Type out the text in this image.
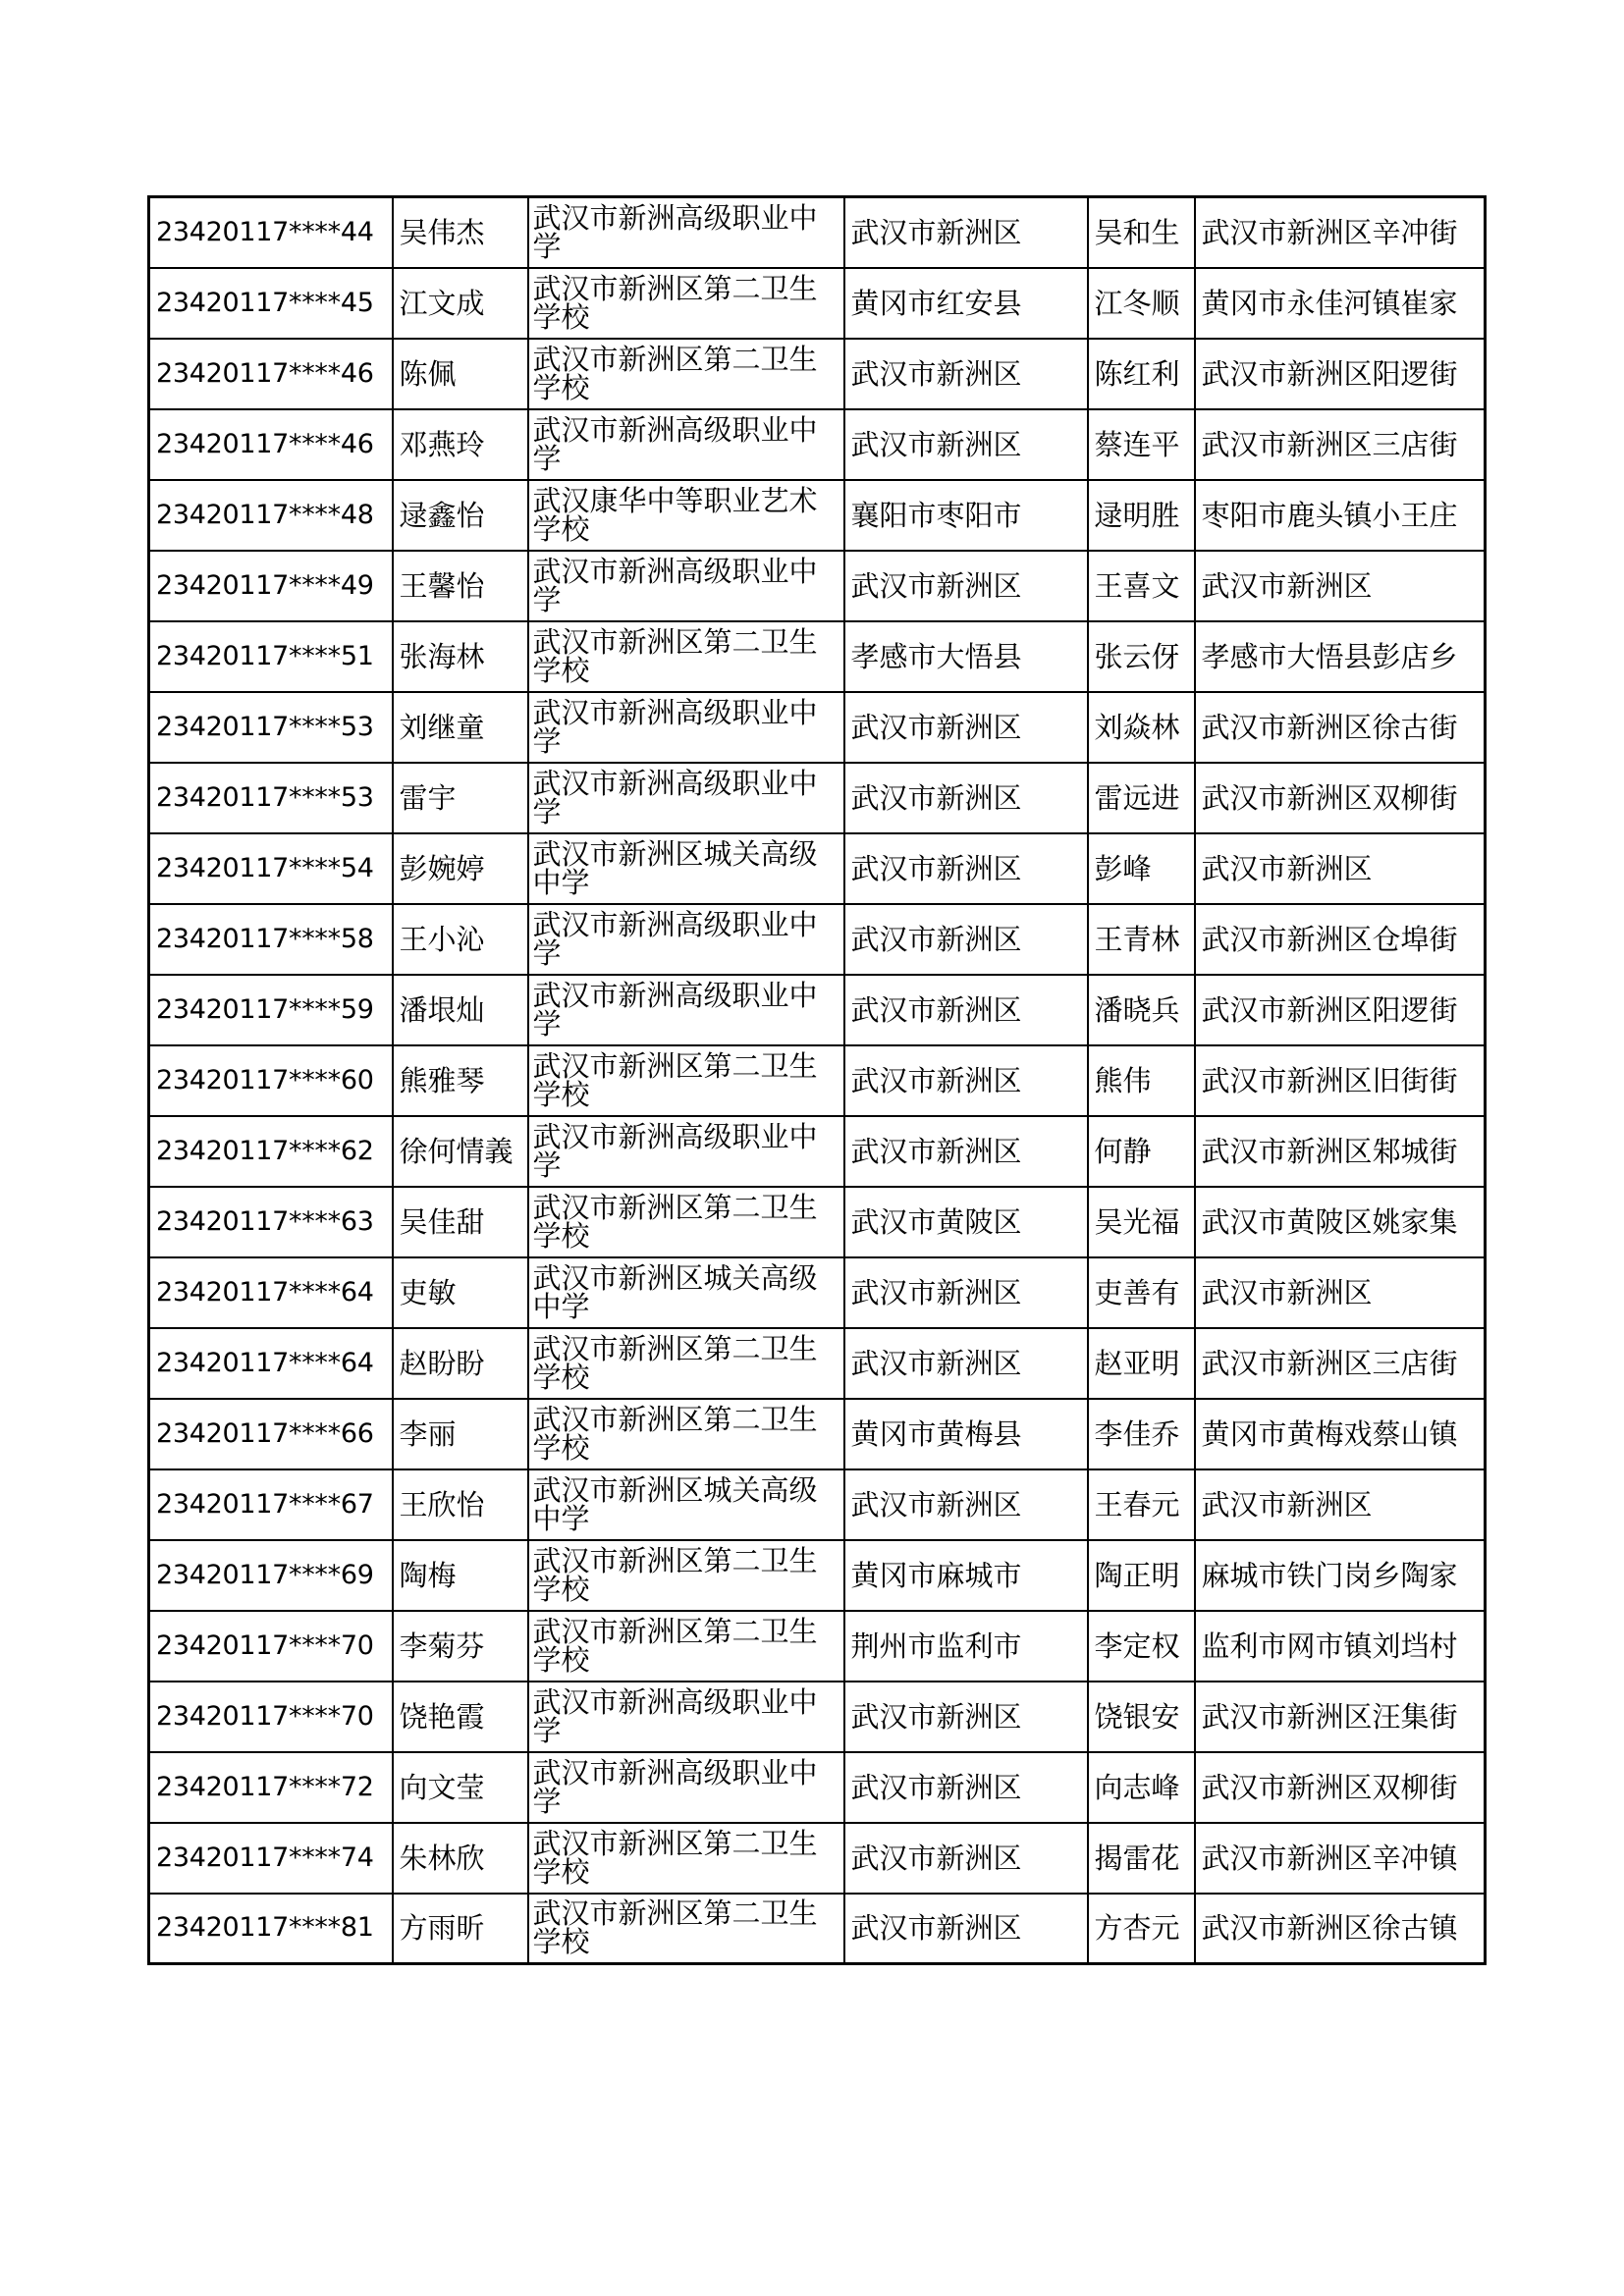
23420117****44	吴伟杰	武汉市新洲高级职业中学	武汉市新洲区	吴和生	武汉市新洲区辛冲街
23420117****45	江文成	武汉市新洲区第二卫生学校	黄冈市红安县	江冬顺	黄冈市永佳河镇崔家
23420117****46	陈佩	武汉市新洲区第二卫生学校	武汉市新洲区	陈红利	武汉市新洲区阳逻街
23420117****46	邓燕玲	武汉市新洲高级职业中学	武汉市新洲区	蔡连平	武汉市新洲区三店街
23420117****48	逯鑫怡	武汉康华中等职业艺术学校	襄阳市枣阳市	逯明胜	枣阳市鹿头镇小王庄
23420117****49	王馨怡	武汉市新洲高级职业中学	武汉市新洲区	王喜文	武汉市新洲区
23420117****51	张海林	武汉市新洲区第二卫生学校	孝感市大悟县	张云伢	孝感市大悟县彭店乡
23420117****53	刘继童	武汉市新洲高级职业中学	武汉市新洲区	刘焱林	武汉市新洲区徐古街
23420117****53	雷宇	武汉市新洲高级职业中学	武汉市新洲区	雷远进	武汉市新洲区双柳街
23420117****54	彭婉婷	武汉市新洲区城关高级中学	武汉市新洲区	彭峰	武汉市新洲区
23420117****58	王小沁	武汉市新洲高级职业中学	武汉市新洲区	王青林	武汉市新洲区仓埠街
23420117****59	潘垠灿	武汉市新洲高级职业中学	武汉市新洲区	潘晓兵	武汉市新洲区阳逻街
23420117****60	熊雅琴	武汉市新洲区第二卫生学校	武汉市新洲区	熊伟	武汉市新洲区旧街街
23420117****62	徐何情義	武汉市新洲高级职业中学	武汉市新洲区	何静	武汉市新洲区邾城街
23420117****63	吴佳甜	武汉市新洲区第二卫生学校	武汉市黄陂区	吴光福	武汉市黄陂区姚家集
23420117****64	吏敏	武汉市新洲区城关高级中学	武汉市新洲区	吏善有	武汉市新洲区
23420117****64	赵盼盼	武汉市新洲区第二卫生学校	武汉市新洲区	赵亚明	武汉市新洲区三店街
23420117****66	李丽	武汉市新洲区第二卫生学校	黄冈市黄梅县	李佳乔	黄冈市黄梅戏蔡山镇
23420117****67	王欣怡	武汉市新洲区城关高级中学	武汉市新洲区	王春元	武汉市新洲区
23420117****69	陶梅	武汉市新洲区第二卫生学校	黄冈市麻城市	陶正明	麻城市铁门岗乡陶家
23420117****70	李菊芬	武汉市新洲区第二卫生学校	荆州市监利市	李定权	监利市网市镇刘垱村
23420117****70	饶艳霞	武汉市新洲高级职业中学	武汉市新洲区	饶银安	武汉市新洲区汪集街
23420117****72	向文莹	武汉市新洲高级职业中学	武汉市新洲区	向志峰	武汉市新洲区双柳街
23420117****74	朱林欣	武汉市新洲区第二卫生学校	武汉市新洲区	揭雷花	武汉市新洲区辛冲镇
23420117****81	方雨昕	武汉市新洲区第二卫生学校	武汉市新洲区	方杏元	武汉市新洲区徐古镇
